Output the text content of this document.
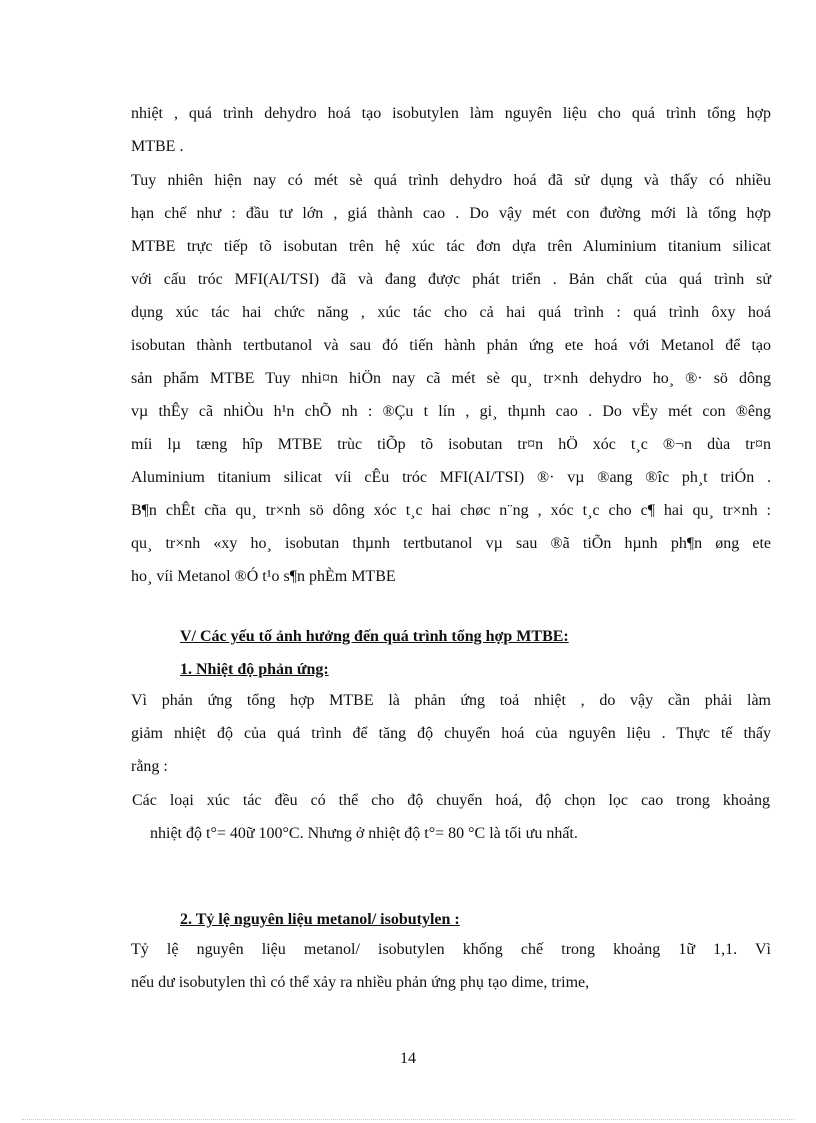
nhiệt , quá trình dehydro hoá tạo isobutylen làm nguyên liệu cho quá trình tổng hợp
MTBE .
Tuy nhiên hiện nay có mét sè quá trình dehydro hoá đã sử dụng và thấy có nhiều
hạn chế như : đầu tư lớn , giá thành cao . Do vậy mét con đường mới là tổng hợp
MTBE trực tiếp tõ isobutan trên hệ xúc tác đơn dựa trên Aluminium titanium silicat
với cấu tróc MFI(AI/TSI) đã và đang được phát triển . Bản chất của quá trình sử
dụng xúc tác hai chức năng , xúc tác cho cả hai quá trình : quá trình ôxy hoá
isobutan thành tertbutanol và sau đó tiến hành phản ứng ete hoá với Metanol để tạo
sản phẩm MTBE Tuy nhi¤n hiÖn nay cã mét sè qu¸ tr×nh dehydro ho¸ ®· sö dông
vµ thÊy cã nhiÒu h¹n chÕ nh : ®Çu t lín , gi¸ thµnh cao . Do vËy mét con ®êng
míi lµ tæng hîp MTBE trùc tiÕp tõ isobutan tr¤n hÖ xóc t¸c ®¬n dùa tr¤n
Aluminium titanium silicat víi cÊu tróc MFI(AI/TSI) ®· vµ ®ang ®îc ph¸t triÓn .
B¶n chÊt cña qu¸ tr×nh sö dông xóc t¸c hai chøc n¨ng , xóc t¸c cho c¶ hai qu¸ tr×nh :
qu¸ tr×nh «xy ho¸ isobutan thµnh tertbutanol vµ sau ®ã tiÕn hµnh ph¶n øng ete
ho¸ víi Metanol ®Ó t¹o s¶n phÈm MTBE
V/ Các yếu tố ảnh hưởng đến quá trình tổng hợp MTBE:
1. Nhiệt độ phản ứng:
Vì phản ứng tổng hợp MTBE là phản ứng toả nhiệt , do vậy cần phải làm
giảm nhiệt độ của quá trình để tăng độ chuyển hoá của nguyên liệu . Thực tế thấy
rằng :
Các loại xúc tác đều có thể cho độ chuyển hoá, độ chọn lọc cao trong khoảng
nhiệt độ t°= 40ữ 100°C. Nhưng ở nhiệt độ t°= 80 °C là tối ưu nhất.
2. Tỷ lệ nguyên liệu metanol/ isobutylen :
Tỷ lệ nguyên liệu metanol/ isobutylen khống chế trong khoảng 1ữ 1,1. Vì
nếu dư isobutylen thì có thể xảy ra nhiều phản ứng phụ tạo dime, trime,
14
